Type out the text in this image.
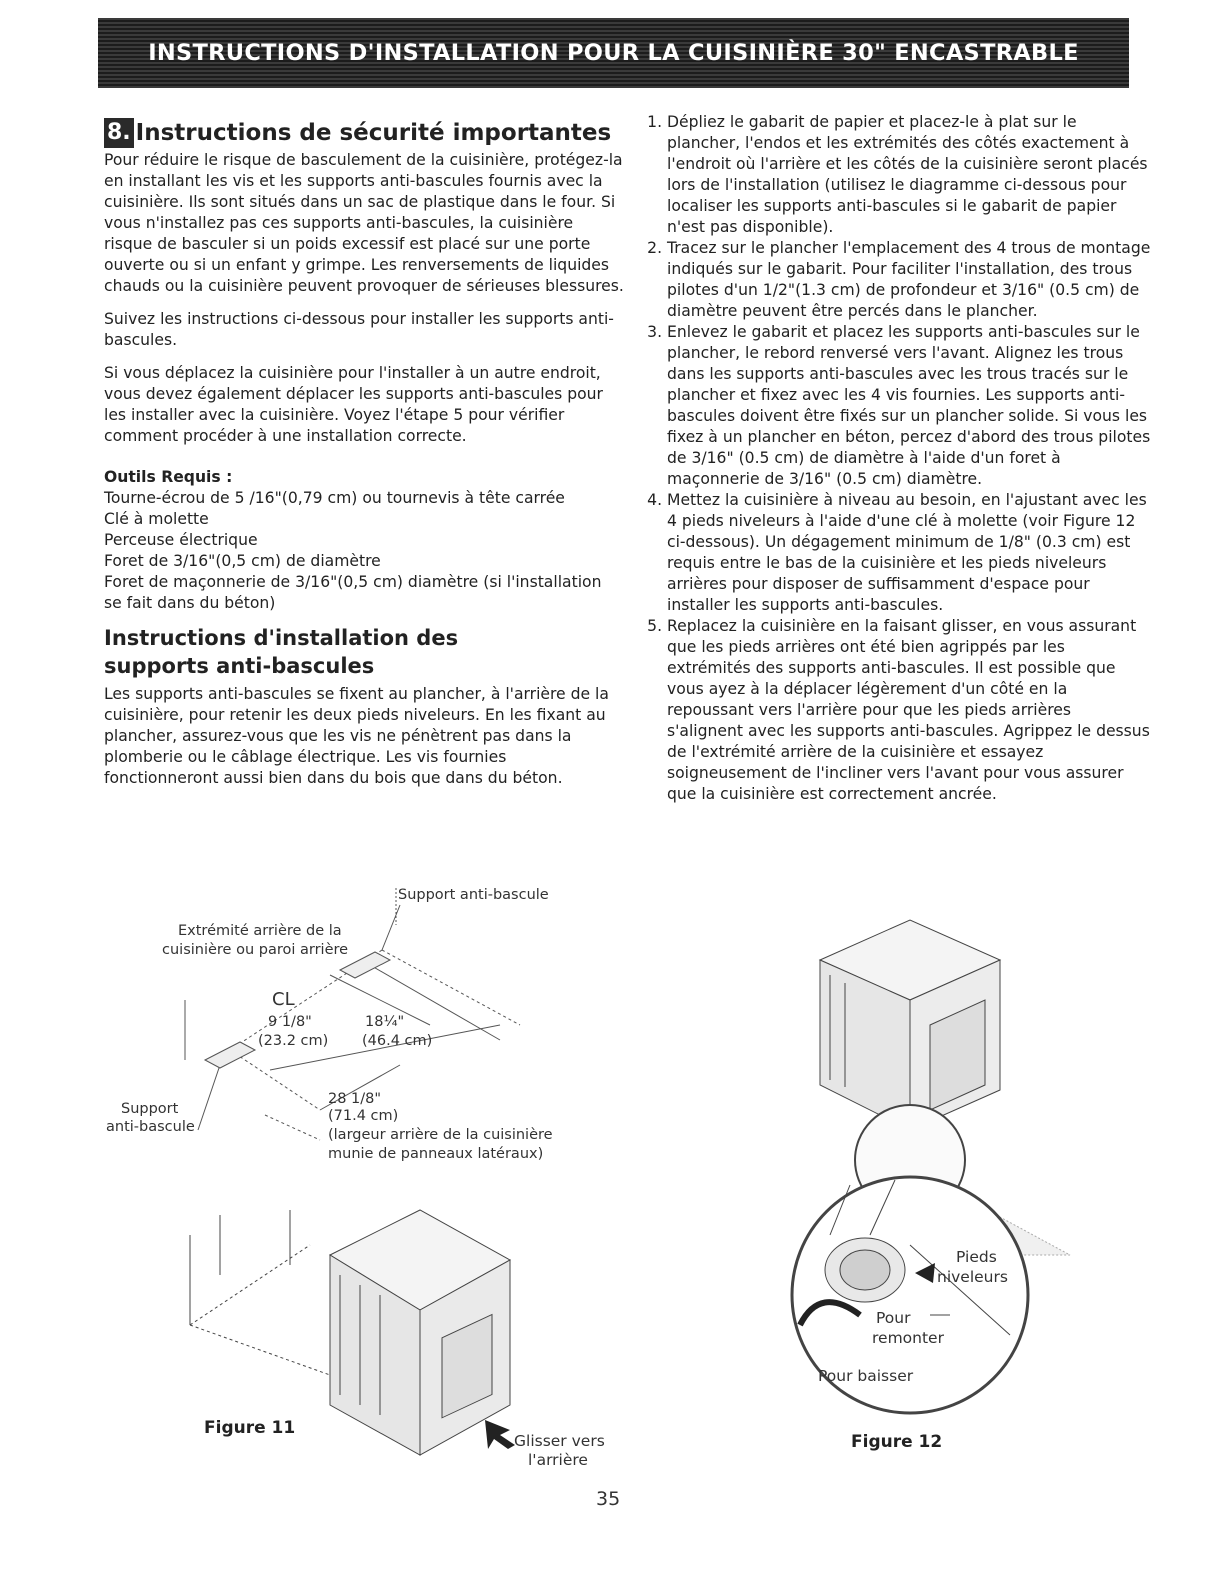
INSTRUCTIONS D'INSTALLATION POUR LA CUISINIÈRE 30" ENCASTRABLE
8. Instructions de sécurité importantes

Pour réduire le risque de basculement de la cuisinière, protégez-la en installant les vis et les supports anti-bascules fournis avec la cuisinière. Ils sont situés dans un sac de plastique dans le four. Si vous n'installez pas ces supports anti-bascules, la cuisinière risque de basculer si un poids excessif est placé sur une porte ouverte ou si un enfant y grimpe. Les renversements de liquides chauds ou la cuisinière peuvent provoquer de sérieuses blessures.

Suivez les instructions ci-dessous pour installer les supports anti-bascules.

Si vous déplacez la cuisinière pour l'installer à un autre endroit, vous devez également déplacer les supports anti-bascules pour les installer avec la cuisinière. Voyez l'étape 5 pour vérifier comment procéder à une installation correcte.

Outils Requis :
Tourne-écrou de 5 /16"(0,79 cm) ou tournevis à tête carrée
Clé à molette
Perceuse électrique
Foret de 3/16"(0,5 cm) de diamètre
Foret de maçonnerie de 3/16"(0,5 cm) diamètre (si l'installation se fait dans du béton)
Instructions d'installation des supports anti-bascules

Les supports anti-bascules se fixent au plancher, à l'arrière de la cuisinière, pour retenir les deux pieds niveleurs. En les fixant au plancher, assurez-vous que les vis ne pénètrent pas dans la plomberie ou le câblage électrique. Les vis fournies fonctionneront aussi bien dans du bois que dans du béton.

1. Dépliez le gabarit de papier et placez-le à plat sur le plancher, l'endos et les extrémités des côtés exactement à l'endroit où l'arrière et les côtés de la cuisinière seront placés lors de l'installation (utilisez le diagramme ci-dessous pour localiser les supports anti-bascules si le gabarit de papier n'est pas disponible).
2. Tracez sur le plancher l'emplacement des 4 trous de montage indiqués sur le gabarit. Pour faciliter l'installation, des trous pilotes d'un 1/2"(1.3 cm) de profondeur et 3/16" (0.5 cm) de diamètre peuvent être percés dans le plancher.
3. Enlevez le gabarit et placez les supports anti-bascules sur le plancher, le rebord renversé vers l'avant. Alignez les trous dans les supports anti-bascules avec les trous tracés sur le plancher et fixez avec les 4 vis fournies. Les supports anti-bascules doivent être fixés sur un plancher solide. Si vous les fixez à un plancher en béton, percez d'abord des trous pilotes de 3/16" (0.5 cm) de diamètre à l'aide d'un foret à maçonnerie de 3/16" (0.5 cm) diamètre.
4. Mettez la cuisinière à niveau au besoin, en l'ajustant avec les 4 pieds niveleurs à l'aide d'une clé à molette (voir Figure 12 ci-dessous). Un dégagement minimum de 1/8" (0.3 cm) est requis entre le bas de la cuisinière et les pieds niveleurs arrières pour disposer de suffisamment d'espace pour installer les supports anti-bascules.
5. Replacez la cuisinière en la faisant glisser, en vous assurant que les pieds arrières ont été bien agrippés par les extrémités des supports anti-bascules. Il est possible que vous ayez à la déplacer légèrement d'un côté en la repoussant vers l'arrière pour que les pieds arrières s'alignent avec les supports anti-bascules. Agrippez le dessus de l'extrémité arrière de la cuisinière et essayez soigneusement de l'incliner vers l'avant pour vous assurer que la cuisinière est correctement ancrée.
Support anti-bascule
Extrémité arrière de la
cuisinière ou paroi arrière
CL
9 1/8"
(23.2 cm)
18¼"
(46.4 cm)
28 1/8"
(71.4 cm)
(largeur arrière de la cuisinière
munie de panneaux latéraux)
Support
anti-bascule
Figure 11
Glisser vers
l'arrière
Pieds
niveleurs
Pour
remonter
Pour baisser
Figure 12
35
